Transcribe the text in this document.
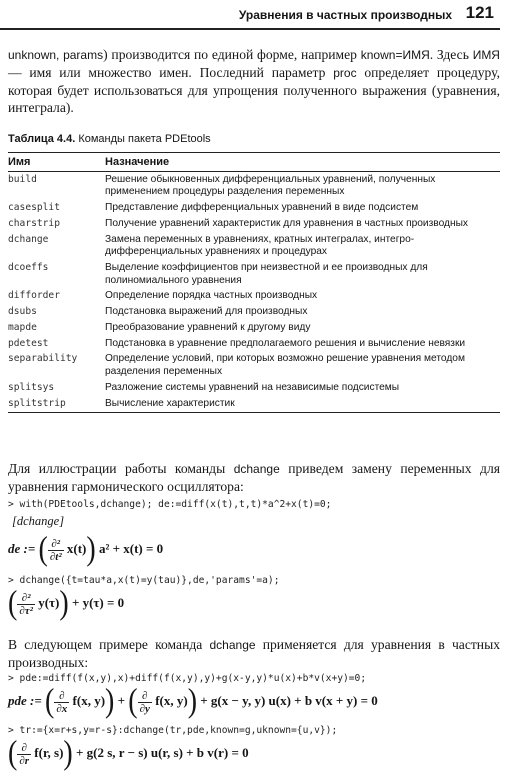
Уравнения в частных производных 121
unknown, params) производится по единой форме, например known=ИМЯ. Здесь ИМЯ — имя или множество имен. Последний параметр proc определяет процедуру, которая будет использоваться для упрощения полученного выражения (уравнения, интеграла).
Таблица 4.4. Команды пакета PDEtools
Имя	Назначение
build	Решение обыкновенных дифференциальных уравнений, полученных применением процедуры разделения переменных
casesplit	Представление дифференциальных уравнений в виде подсистем
charstrip	Получение уравнений характеристик для уравнения в частных производных
dchange	Замена переменных в уравнениях, кратных интегралах, интегро-дифференциальных уравнениях и процедурах
dcoeffs	Выделение коэффициентов при неизвестной и ее производных для полиномиального уравнения
difforder	Определение порядка частных производных
dsubs	Подстановка выражений для производных
mapde	Преобразование уравнений к другому виду
pdetest	Подстановка в уравнение предполагаемого решения и вычисление невязки
separability	Определение условий, при которых возможно решение уравнения методом разделения переменных
splitsys	Разложение системы уравнений на независимые подсистемы
splitstrip	Вычисление характеристик
Для иллюстрации работы команды dchange приведем замену переменных для уравнения гармонического осциллятора:
> with(PDEtools,dchange); de:=diff(x(t),t,t)*a^2+x(t)=0;
[dchange]
de := ( $\frac{\text{∂²}}{\text{∂t²}} x(t)$) a² + x(t) = 0
> dchange({t=tau*a,x(t)=y(tau)},de,'params'=a);
( $\frac{\text{∂²}}{\text{∂τ²}} y(\tau)) + y(\tau) = 0$
В следующем примере команда dchange применяется для уравнения в частных производных:
> pde:=diff(f(x,y),x)+diff(f(x,y),y)+g(x-y,y)*u(x)+b*v(x+y)=0;
pde := ( $\frac{\partial}{\partial x} f(x$, y)) + ( $\frac{\partial}{\partial y} f(x$, y)) + g(x − y, y) u(x) + b v(x + y) = 0
> tr:={x=r+s,y=r-s}:dchange(tr,pde,known=g,uknown={u,v});
( $\frac{\partial}{\partial r} f(r$, s)) + g(2 s, r − s) u(r, s) + b v(r) = 0
